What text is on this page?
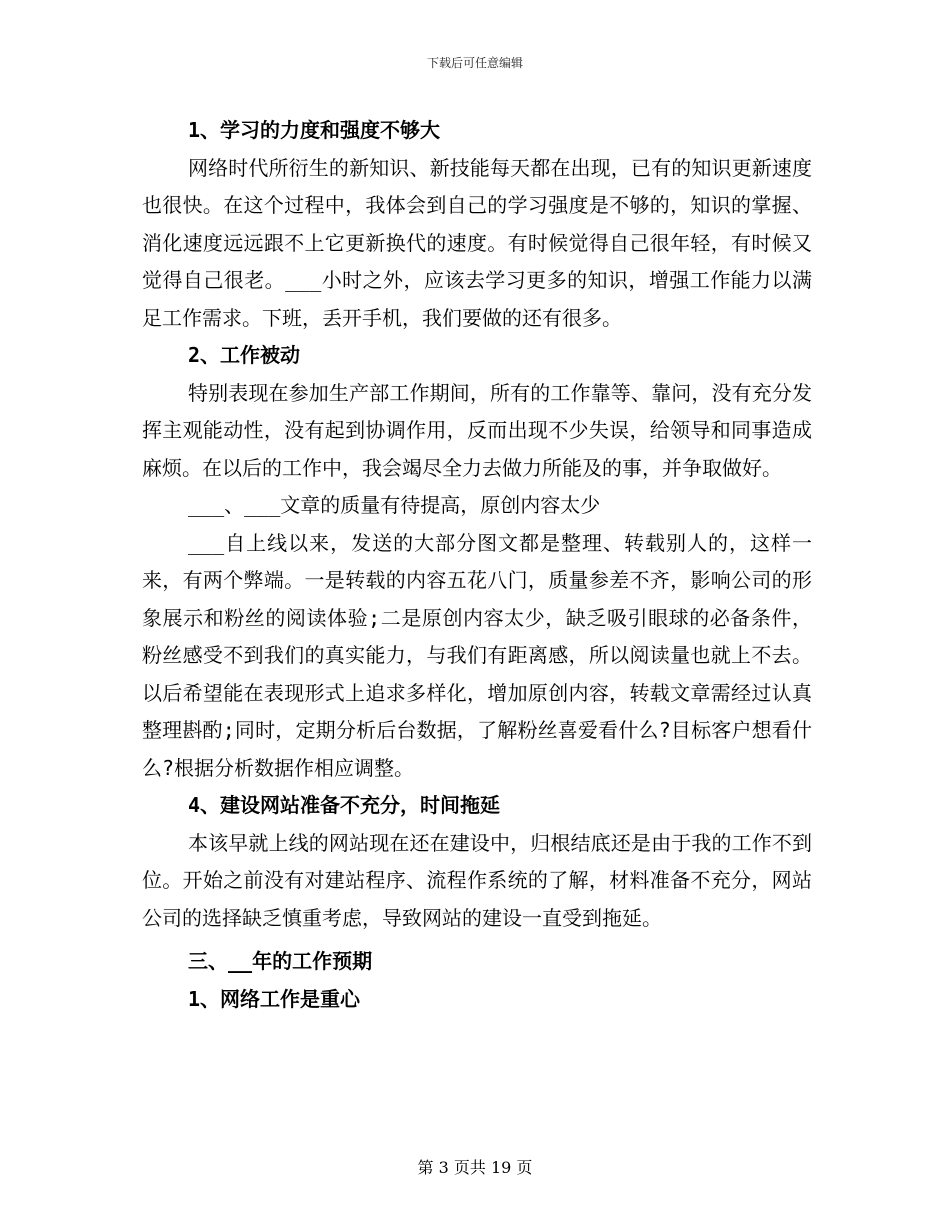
下载后可任意编辑

1、学习的力度和强度不够大

网络时代所衍生的新知识、新技能每天都在出现，已有的知识更新速度也很快。在这个过程中，我体会到自己的学习强度是不够的，知识的掌握、消化速度远远跟不上它更新换代的速度。有时候觉得自己很年轻，有时候又觉得自己很老。___小时之外，应该去学习更多的知识，增强工作能力以满足工作需求。下班，丢开手机，我们要做的还有很多。

2、工作被动

特别表现在参加生产部工作期间，所有的工作靠等、靠问，没有充分发挥主观能动性，没有起到协调作用，反而出现不少失误，给领导和同事造成麻烦。在以后的工作中，我会竭尽全力去做力所能及的事，并争取做好。

___、___文章的质量有待提高，原创内容太少

___自上线以来，发送的大部分图文都是整理、转载别人的，这样一来，有两个弊端。一是转载的内容五花八门，质量参差不齐，影响公司的形象展示和粉丝的阅读体验;二是原创内容太少，缺乏吸引眼球的必备条件，粉丝感受不到我们的真实能力，与我们有距离感，所以阅读量也就上不去。以后希望能在表现形式上追求多样化，增加原创内容，转载文章需经过认真整理斟酌;同时，定期分析后台数据，了解粉丝喜爱看什么?目标客户想看什么?根据分析数据作相应调整。

4、建设网站准备不充分，时间拖延

本该早就上线的网站现在还在建设中，归根结底还是由于我的工作不到位。开始之前没有对建站程序、流程作系统的了解，材料准备不充分，网站公司的选择缺乏慎重考虑，导致网站的建设一直受到拖延。

三、__年的工作预期

1、网络工作是重心

第 3 页共 19 页
